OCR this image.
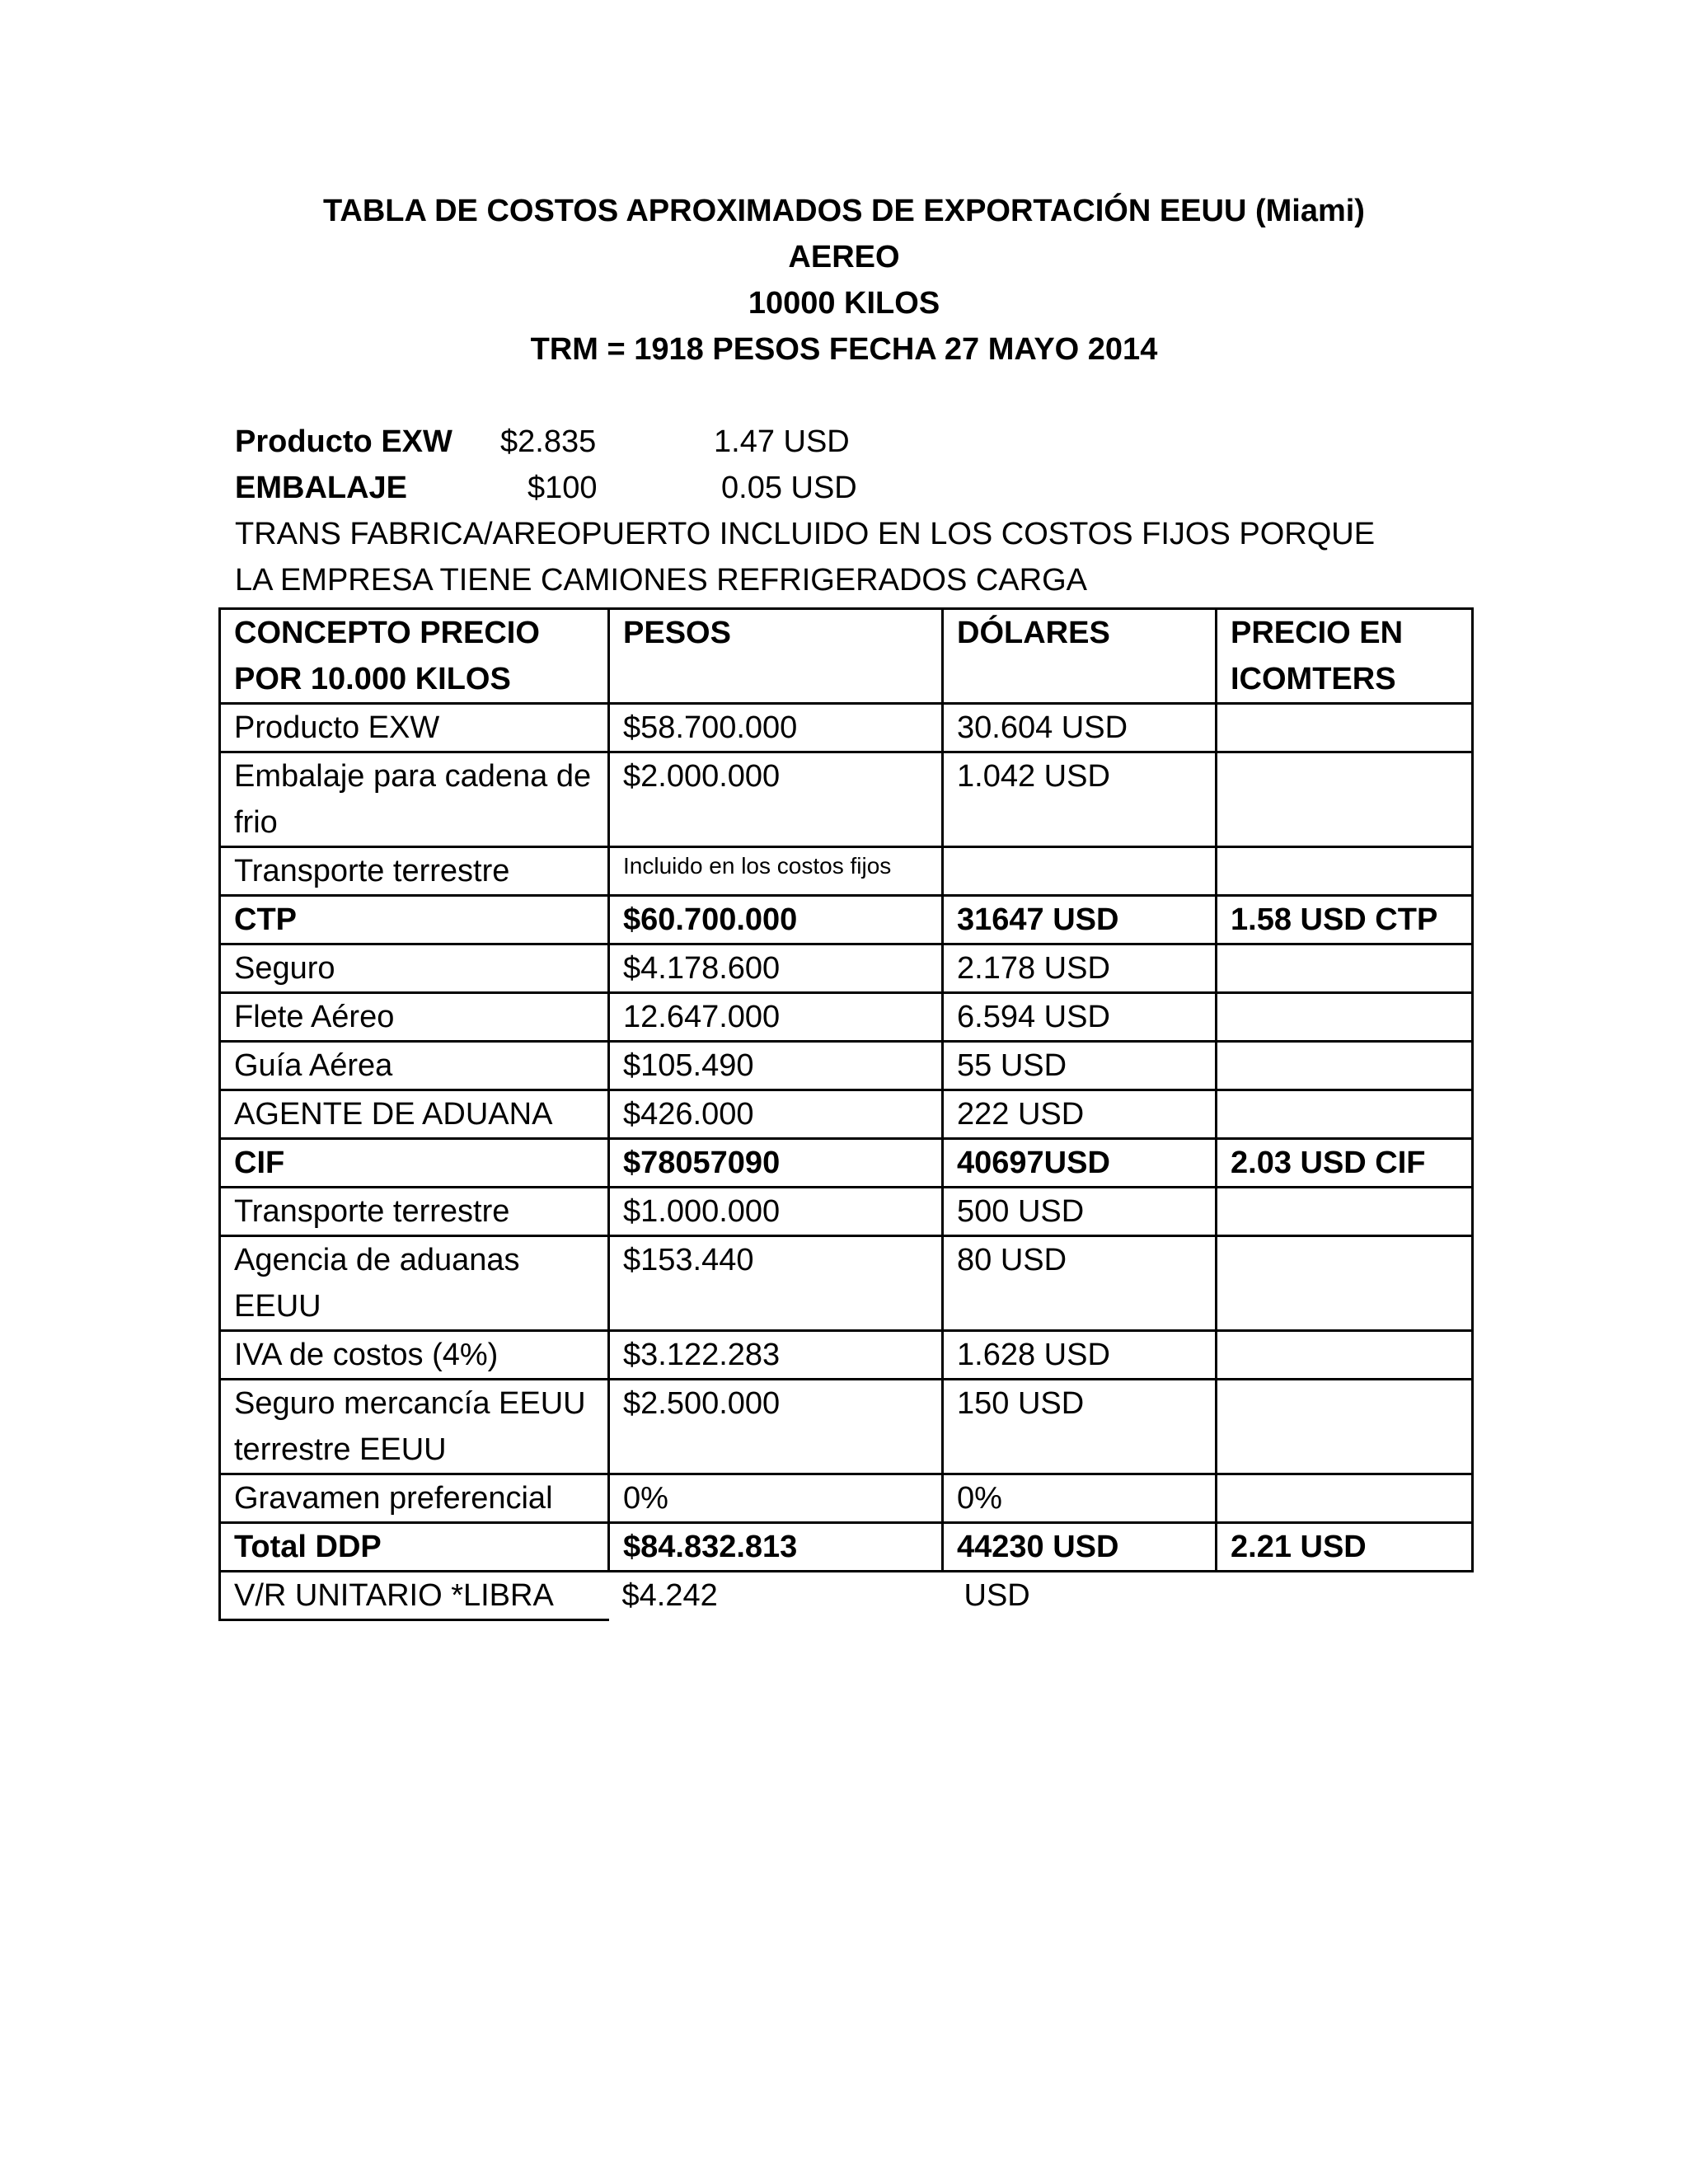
TABLA DE COSTOS APROXIMADOS DE EXPORTACIÓN EEUU (Miami)
AEREO
10000 KILOS
TRM = 1918 PESOS FECHA 27 MAYO 2014
Producto EXW $2.835	1.47 USD
EMBALAJE	$100	0.05 USD
TRANS FABRICA/AREOPUERTO INCLUIDO EN LOS COSTOS FIJOS PORQUE
LA EMPRESA TIENE CAMIONES REFRIGERADOS CARGA
CONCEPTO PRECIO POR 10.000 KILOS	PESOS	DÓLARES	PRECIO EN ICOMTERS
Producto EXW	$58.700.000	30.604 USD	
Embalaje para cadena de frio	$2.000.000	1.042 USD	
Transporte terrestre	Incluido en los costos fijos		
CTP	$60.700.000	31647 USD	1.58 USD CTP
Seguro	$4.178.600	2.178 USD	
Flete Aéreo	12.647.000	6.594 USD	
Guía Aérea	$105.490	55 USD	
AGENTE DE ADUANA	$426.000	222 USD	
CIF	$78057090	40697USD	2.03 USD CIF
Transporte terrestre	$1.000.000	500 USD	
Agencia de aduanas EEUU	$153.440	80 USD	
IVA de costos (4%)	$3.122.283	1.628 USD	
Seguro mercancía EEUU terrestre EEUU	$2.500.000	150 USD	
Gravamen preferencial	0%	0%	
Total DDP	$84.832.813	44230 USD	2.21 USD
V/R UNITARIO *LIBRA	$4.242	USD	
